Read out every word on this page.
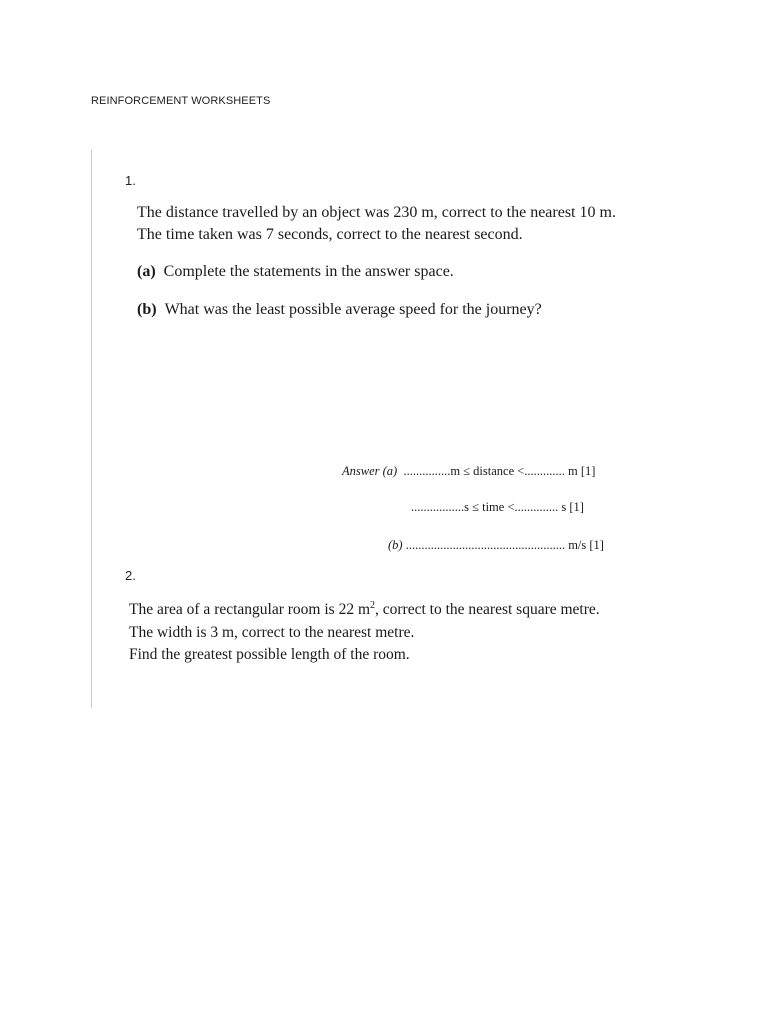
REINFORCEMENT WORKSHEETS
1.
The distance travelled by an object was 230 m, correct to the nearest 10 m.
The time taken was 7 seconds, correct to the nearest second.
(a) Complete the statements in the answer space.
(b) What was the least possible average speed for the journey?
Answer (a) ...............m ≤ distance <............. m [1]
.................s ≤ time <.............. s [1]
(b) ................................................... m/s [1]
2.
The area of a rectangular room is 22 $m^2$, correct to the nearest square metre.
The width is 3 m, correct to the nearest metre.
Find the greatest possible length of the room.
